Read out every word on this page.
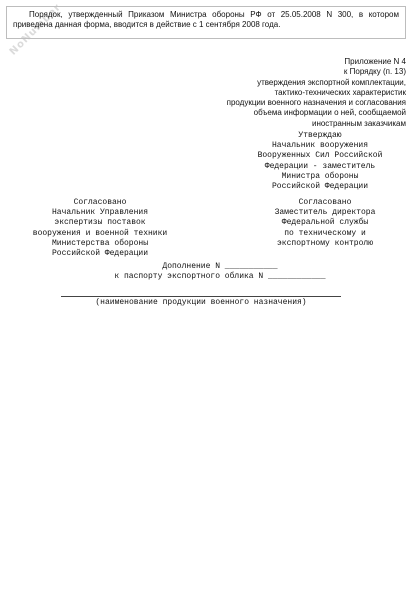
NoNumber
Порядок, утвержденный Приказом Министра обороны РФ от 25.05.2008 N 300, в котором приведена данная форма, вводится в действие с 1 сентября 2008 года.
Приложение N 4
к Порядку (п. 13)
утверждения экспортной комплектации,
тактико-технических характеристик
продукции военного назначения и согласования
объема информации о ней, сообщаемой
иностранным заказчикам
Утверждаю
Начальник вооружения
Вооруженных Сил Российской
Федерации - заместитель
Министра обороны
Российской Федерации
Согласовано
Начальник Управления
экспертизы поставок
вооружения и военной техники
Министерства обороны
Российской Федерации
Согласовано
Заместитель директора
Федеральной службы
по техническому и
экспортному контролю
Дополнение N ___________
к паспорту экспортного облика N ____________
(наименование продукции военного назначения)
